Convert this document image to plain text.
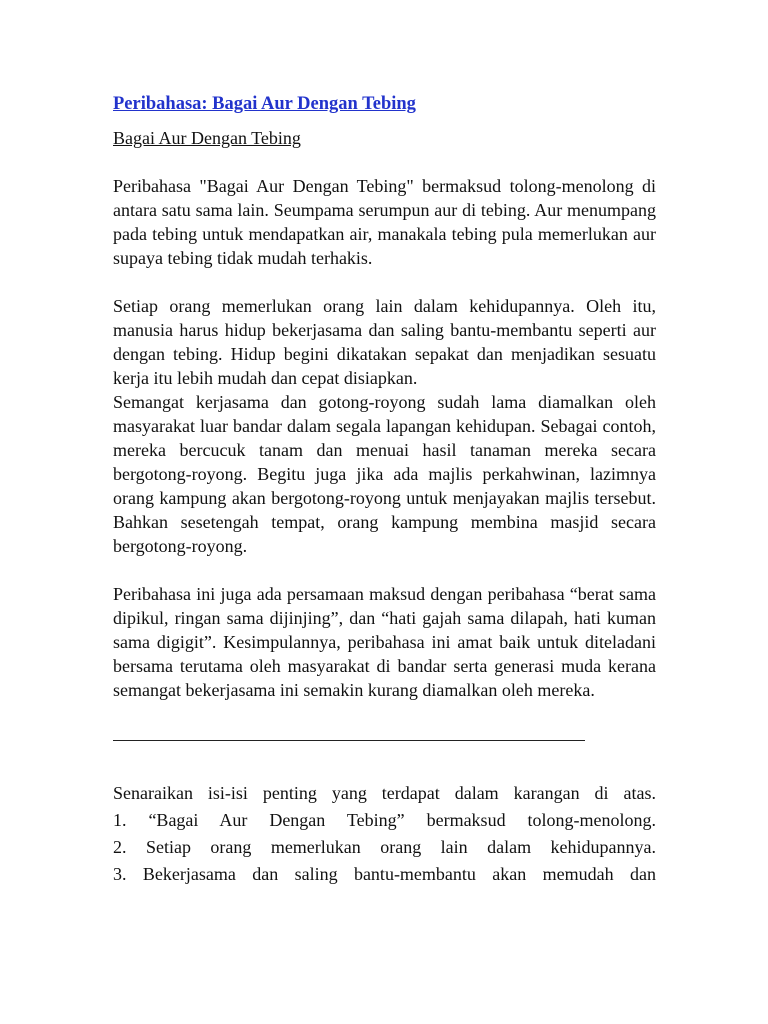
Peribahasa: Bagai Aur Dengan Tebing
Bagai Aur Dengan Tebing

Peribahasa "Bagai Aur Dengan Tebing" bermaksud tolong-menolong di antara satu sama lain. Seumpama serumpun aur di tebing. Aur menumpang pada tebing untuk mendapatkan air, manakala tebing pula memerlukan aur supaya tebing tidak mudah terhakis.

Setiap orang memerlukan orang lain dalam kehidupannya. Oleh itu, manusia harus hidup bekerjasama dan saling bantu-membantu seperti aur dengan tebing. Hidup begini dikatakan sepakat dan menjadikan sesuatu kerja itu lebih mudah dan cepat disiapkan.

Semangat kerjasama dan gotong-royong sudah lama diamalkan oleh masyarakat luar bandar dalam segala lapangan kehidupan. Sebagai contoh, mereka bercucuk tanam dan menuai hasil tanaman mereka secara bergotong-royong. Begitu juga jika ada majlis perkahwinan, lazimnya orang kampung akan bergotong-royong untuk menjayakan majlis tersebut. Bahkan sesetengah tempat, orang kampung membina masjid secara bergotong-royong.

Peribahasa ini juga ada persamaan maksud dengan peribahasa “berat sama dipikul, ringan sama dijinjing”, dan “hati gajah sama dilapah, hati kuman sama digigit”. Kesimpulannya, peribahasa ini amat baik untuk diteladani bersama terutama oleh masyarakat di bandar serta generasi muda kerana semangat bekerjasama ini semakin kurang diamalkan oleh mereka.

Senaraikan isi-isi penting yang terdapat dalam karangan di atas.

1. “Bagai Aur Dengan Tebing” bermaksud tolong-menolong.

2. Setiap orang memerlukan orang lain dalam kehidupannya.

3. Bekerjasama dan saling bantu-membantu akan memudah dan
